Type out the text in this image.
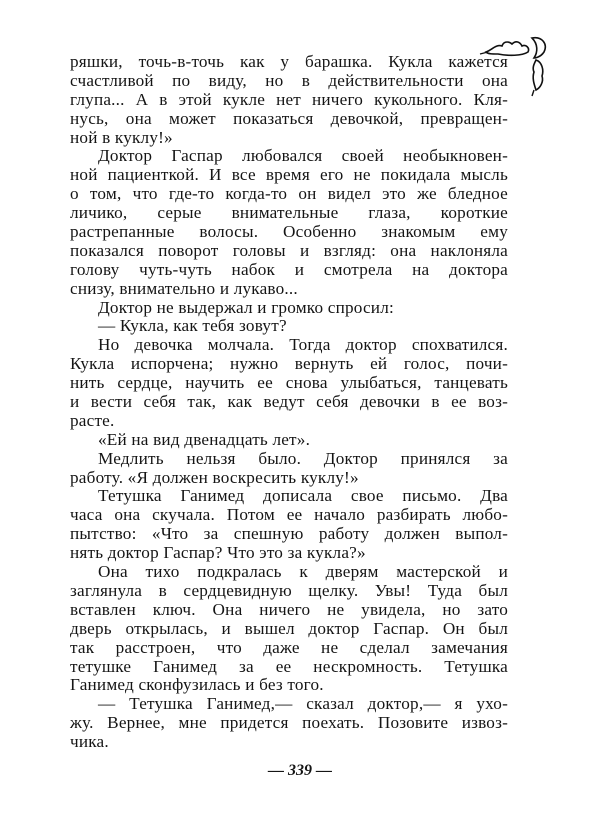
ряшки, точь-в-точь как у барашка. Кукла кажется
счастливой по виду, но в действительности она
глупа... А в этой кукле нет ничего кукольного. Кля-
нусь, она может показаться девочкой, превращен-
ной в куклу!»
Доктор Гаспар любовался своей необыкновен-
ной пациенткой. И все время его не покидала мысль
о том, что где-то когда-то он видел это же бледное
личико, серые внимательные глаза, короткие
растрепанные волосы. Особенно знакомым ему
показался поворот головы и взгляд: она наклоняла
голову чуть-чуть набок и смотрела на доктора
снизу, внимательно и лукаво...
Доктор не выдержал и громко спросил:
— Кукла, как тебя зовут?
Но девочка молчала. Тогда доктор спохватился.
Кукла испорчена; нужно вернуть ей голос, почи-
нить сердце, научить ее снова улыбаться, танцевать
и вести себя так, как ведут себя девочки в ее воз-
расте.
«Ей на вид двенадцать лет».
Медлить нельзя было. Доктор принялся за
работу. «Я должен воскресить куклу!»
Тетушка Ганимед дописала свое письмо. Два
часа она скучала. Потом ее начало разбирать любо-
пытство: «Что за спешную работу должен выпол-
нять доктор Гаспар? Что это за кукла?»
Она тихо подкралась к дверям мастерской и
заглянула в сердцевидную щелку. Увы! Туда был
вставлен ключ. Она ничего не увидела, но зато
дверь открылась, и вышел доктор Гаспар. Он был
так расстроен, что даже не сделал замечания
тетушке Ганимед за ее нескромность. Тетушка
Ганимед сконфузилась и без того.
— Тетушка Ганимед,— сказал доктор,— я ухо-
жу. Вернее, мне придется поехать. Позовите извоз-
чика.
— 339 —
